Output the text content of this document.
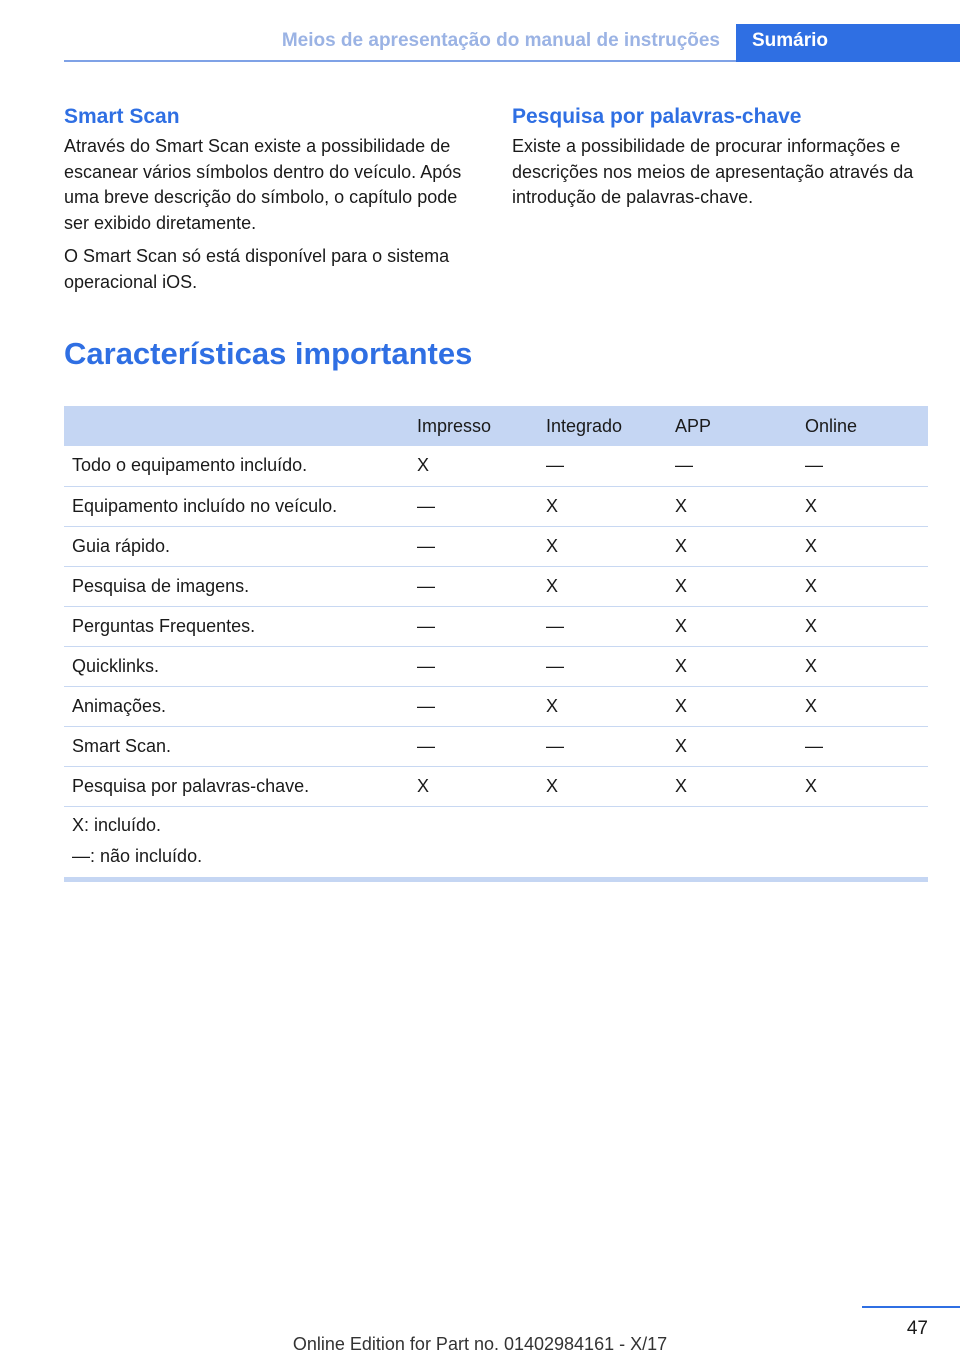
Meios de apresentação do manual de instruções	Sumário
Smart Scan

Através do Smart Scan existe a possibilidade de escanear vários símbolos dentro do veículo. Após uma breve descrição do símbolo, o capítulo pode ser exibido diretamente.

O Smart Scan só está disponível para o sistema operacional iOS.

Pesquisa por palavras-chave

Existe a possibilidade de procurar informações e descrições nos meios de apresentação através da introdução de palavras-chave.

Características importantes
	Impresso	Integrado	APP	Online
Todo o equipamento incluído.	X	—	—	—
Equipamento incluído no veículo.	—	X	X	X
Guia rápido.	—	X	X	X
Pesquisa de imagens.	—	X	X	X
Perguntas Frequentes.	—	—	X	X
Quicklinks.	—	—	X	X
Animações.	—	X	X	X
Smart Scan.	—	—	X	—
Pesquisa por palavras-chave.	X	X	X	X
X: incluído.
—: não incluído.
47
Online Edition for Part no. 01402984161 - X/17
